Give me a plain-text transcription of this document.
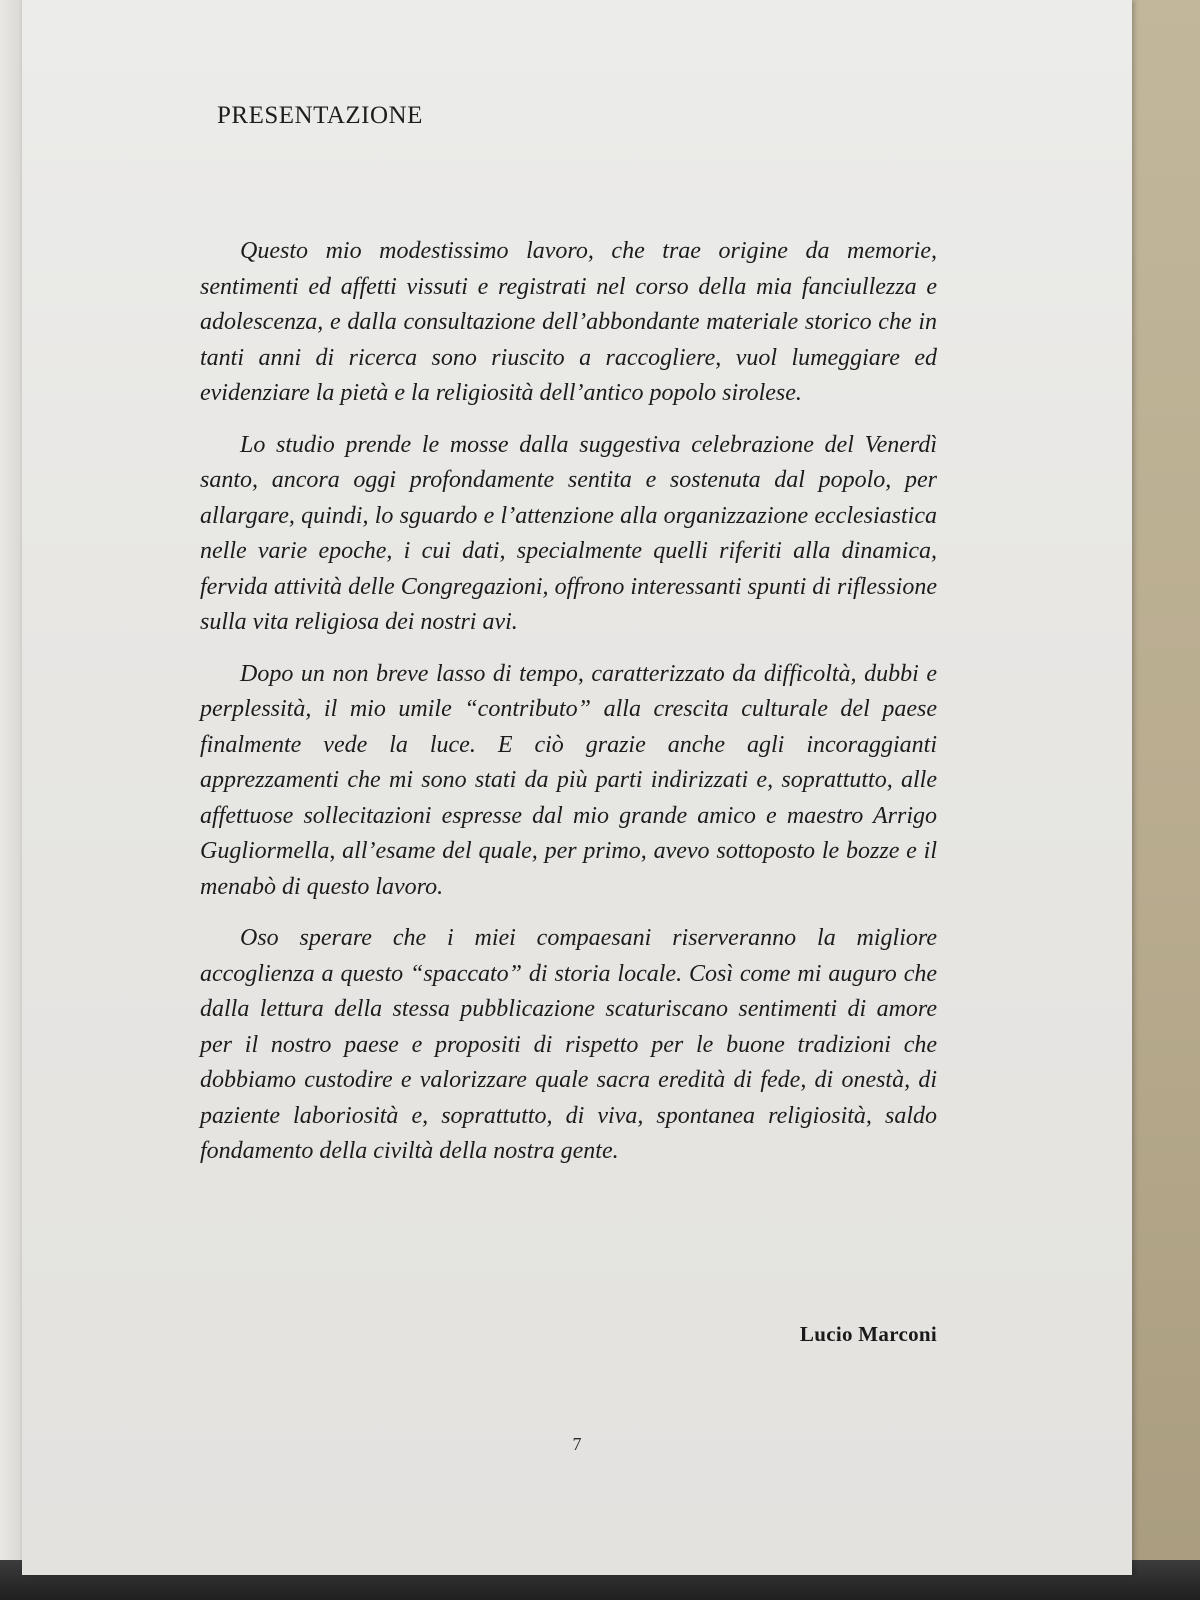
PRESENTAZIONE

Questo mio modestissimo lavoro, che trae origine da memorie, sentimenti ed affetti vissuti e registrati nel corso della mia fanciullezza e adolescenza, e dalla consultazione dell’abbondante materiale storico che in tanti anni di ricerca sono riuscito a raccogliere, vuol lumeggiare ed evidenziare la pietà e la religiosità dell’antico popolo sirolese.

Lo studio prende le mosse dalla suggestiva celebrazione del Venerdì santo, ancora oggi profondamente sentita e sostenuta dal popolo, per allargare, quindi, lo sguardo e l’attenzione alla organizzazione ecclesiastica nelle varie epoche, i cui dati, specialmente quelli riferiti alla dinamica, fervida attività delle Congregazioni, offrono interessanti spunti di riflessione sulla vita religiosa dei nostri avi.

Dopo un non breve lasso di tempo, caratterizzato da difficoltà, dubbi e perplessità, il mio umile “contributo” alla crescita culturale del paese finalmente vede la luce. E ciò grazie anche agli incoraggianti apprezzamenti che mi sono stati da più parti indirizzati e, soprattutto, alle affettuose sollecitazioni espresse dal mio grande amico e maestro Arrigo Gugliormella, all’esame del quale, per primo, avevo sottoposto le bozze e il menabò di questo lavoro.

Oso sperare che i miei compaesani riserveranno la migliore accoglienza a questo “spaccato” di storia locale. Così come mi auguro che dalla lettura della stessa pubblicazione scaturiscano sentimenti di amore per il nostro paese e propositi di rispetto per le buone tradizioni che dobbiamo custodire e valorizzare quale sacra eredità di fede, di onestà, di paziente laboriosità e, soprattutto, di viva, spontanea religiosità, saldo fondamento della civiltà della nostra gente.

Lucio Marconi
7
